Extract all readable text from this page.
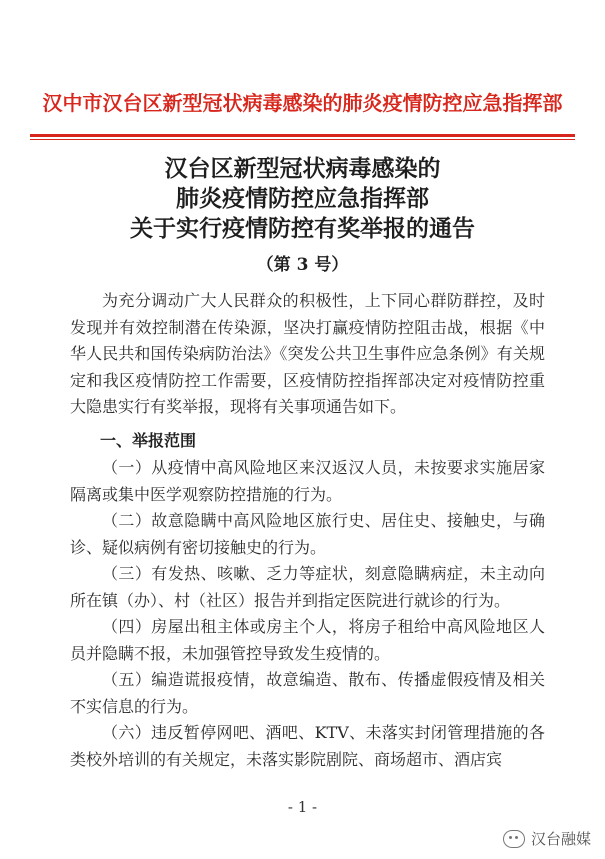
汉中市汉台区新型冠状病毒感染的肺炎疫情防控应急指挥部
汉台区新型冠状病毒感染的
肺炎疫情防控应急指挥部
关于实行疫情防控有奖举报的通告
（第 3 号）
为充分调动广大人民群众的积极性，上下同心群防群控，及时发现并有效控制潜在传染源，坚决打赢疫情防控阻击战，根据《中华人民共和国传染病防治法》《突发公共卫生事件应急条例》有关规定和我区疫情防控工作需要，区疫情防控指挥部决定对疫情防控重大隐患实行有奖举报，现将有关事项通告如下。
一、举报范围

（一）从疫情中高风险地区来汉返汉人员，未按要求实施居家隔离或集中医学观察防控措施的行为。

（二）故意隐瞒中高风险地区旅行史、居住史、接触史，与确诊、疑似病例有密切接触史的行为。

（三）有发热、咳嗽、乏力等症状，刻意隐瞒病症，未主动向所在镇（办）、村（社区）报告并到指定医院进行就诊的行为。

（四）房屋出租主体或房主个人，将房子租给中高风险地区人员并隐瞒不报，未加强管控导致发生疫情的。

（五）编造谎报疫情，故意编造、散布、传播虚假疫情及相关不实信息的行为。

（六）违反暂停网吧、酒吧、KTV、未落实封闭管理措施的各类校外培训的有关规定，未落实影院剧院、商场超市、酒店宾

- 1 -
汉台融媒
